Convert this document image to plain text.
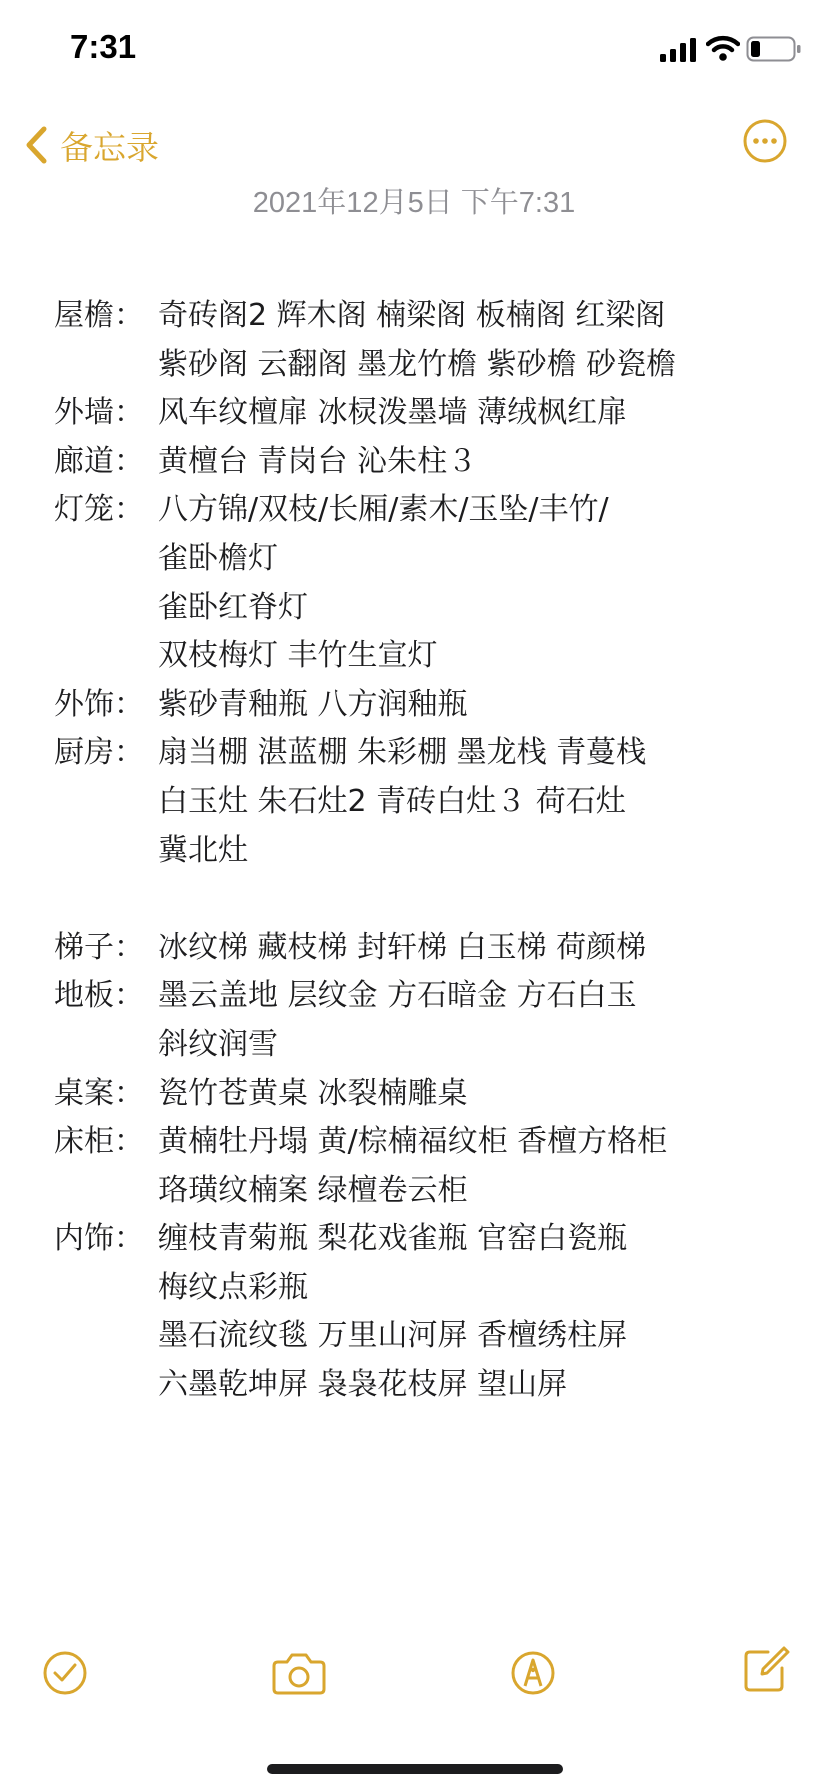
7:31
备忘录
2021年12月5日 下午7:31
屋檐： 奇砖阁2 辉木阁 楠梁阁 板楠阁 红梁阁
紫砂阁 云翻阁 墨龙竹檐 紫砂檐 砂瓷檐
外墙： 风车纹檀扉 冰棂泼墨墙 薄绒枫红扉
廊道： 黄檀台 青岗台 沁朱柱３
灯笼： 八方锦/双枝/长厢/素木/玉坠/丰竹/
雀卧檐灯
雀卧红脊灯
双枝梅灯 丰竹生宣灯
外饰： 紫砂青釉瓶 八方润釉瓶
厨房： 扇当棚 湛蓝棚 朱彩棚 墨龙栈 青蔓栈
白玉灶 朱石灶2 青砖白灶３ 荷石灶
冀北灶
梯子： 冰纹梯 藏枝梯 封轩梯 白玉梯 荷颜梯
地板： 墨云盖地 层纹金 方石暗金 方石白玉
斜纹润雪
桌案： 瓷竹苍黄桌 冰裂楠雕桌
床柜： 黄楠牡丹塌 黄/棕楠福纹柜 香檀方格柜
珞璜纹楠案 绿檀卷云柜
内饰： 缠枝青菊瓶 梨花戏雀瓶 官窑白瓷瓶
梅纹点彩瓶
墨石流纹毯 万里山河屏 香檀绣柱屏
六墨乾坤屏 袅袅花枝屏 望山屏
